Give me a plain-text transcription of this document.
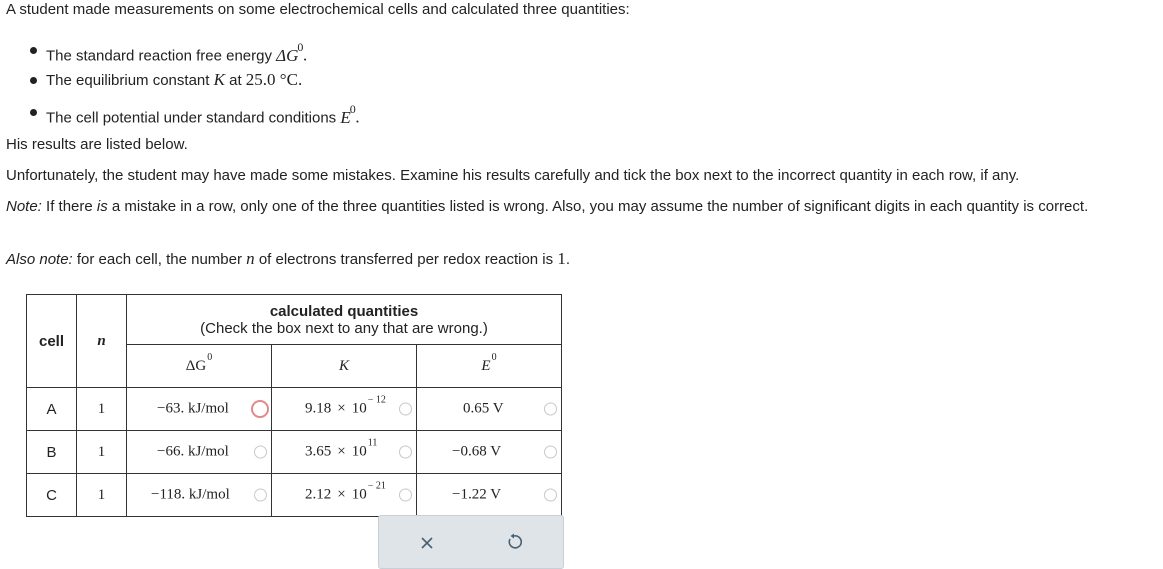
A student made measurements on some electrochemical cells and calculated three quantities:

The standard reaction free energy $\Delta G^0$.
The equilibrium constant K at 25.0 °C.
The cell potential under standard conditions $E^0$.

His results are listed below.

Unfortunately, the student may have made some mistakes. Examine his results carefully and tick the box next to the incorrect quantity in each row, if any.

Note: If there is a mistake in a row, only one of the three quantities listed is wrong. Also, you may assume the number of significant digits in each quantity is correct.

Also note: for each cell, the number n of electrons transferred per redox reaction is 1.

cell	n	calculated quantities
(Check the box next to any that are wrong.)		
		$\Delta G^0$	K	$E^0$
A	1	−63. kJ/mol	$9.18 \times 10^{- 12}$	0.65 V

B	1	−66. kJ/mol	$3.65 \times 10^{11}$	−0.68 V

C	1	−118. kJ/mol	$2.12 \times 10^{- 21}$	−1.22 V
